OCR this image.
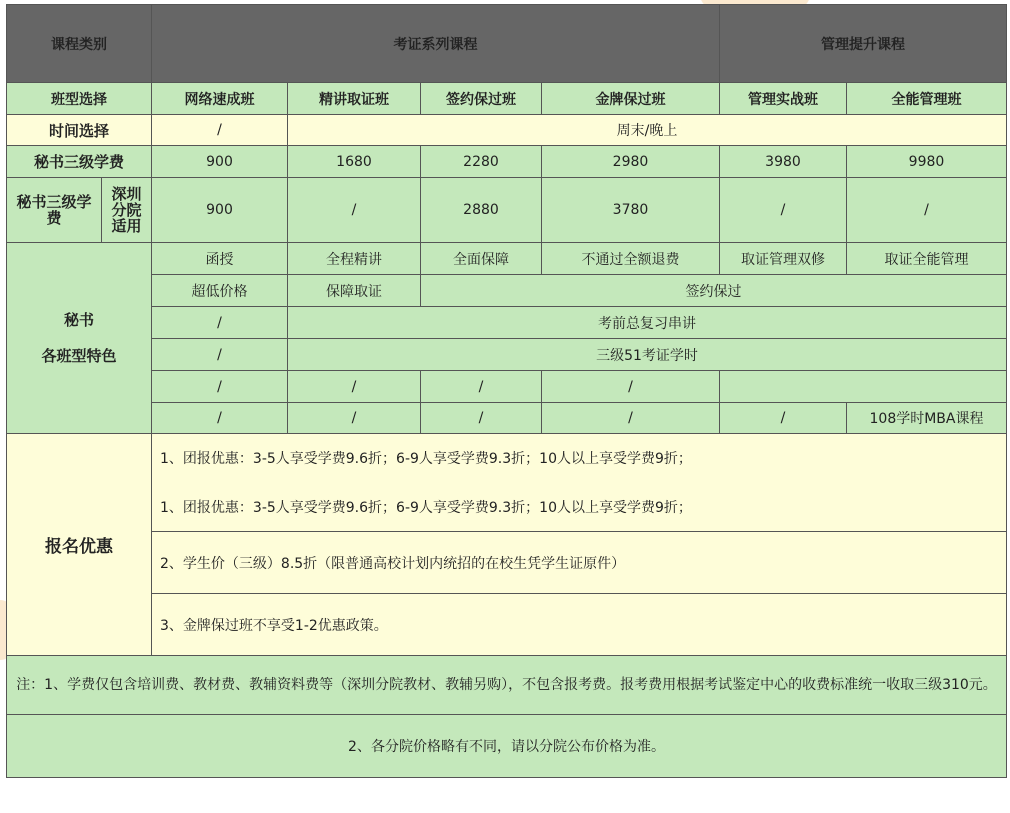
课程类别		考证系列课程				管理提升课程	
班型选择		网络速成班	精讲取证班	签约保过班	金牌保过班	管理实战班	全能管理班
时间选择		/	周末/晚上				
秘书三级学费		900	1680	2280	2980	3980	9980
秘书三级学费	深圳分院适用	900	/	2880	3780	/	/

秘书
各班型特色		函授	全程精讲	全面保障	不通过全额退费	取证管理双修	取证全能管理
		超低价格	保障取证	签约保过			
		/	考前总复习串讲				
		/	三级51考证学时				
		/	/	/	/		
		/	/	/	/	/	108学时MBA课程
报名优惠		1、团报优惠：3-5人享受学费9.6折；6-9人享受学费9.3折；10人以上享受学费9折；					
		1、团报优惠：3-5人享受学费9.6折；6-9人享受学费9.3折；10人以上享受学费9折；					
		2、学生价（三级）8.5折（限普通高校计划内统招的在校生凭学生证原件）					
		3、金牌保过班不享受1-2优惠政策。					
注：1、学费仅包含培训费、教材费、教辅资料费等（深圳分院教材、教辅另购），不包含报考费。报考费用根据考试鉴定中心的收费标准统一收取三级310元。							
2、各分院价格略有不同，请以分院公布价格为准。							
